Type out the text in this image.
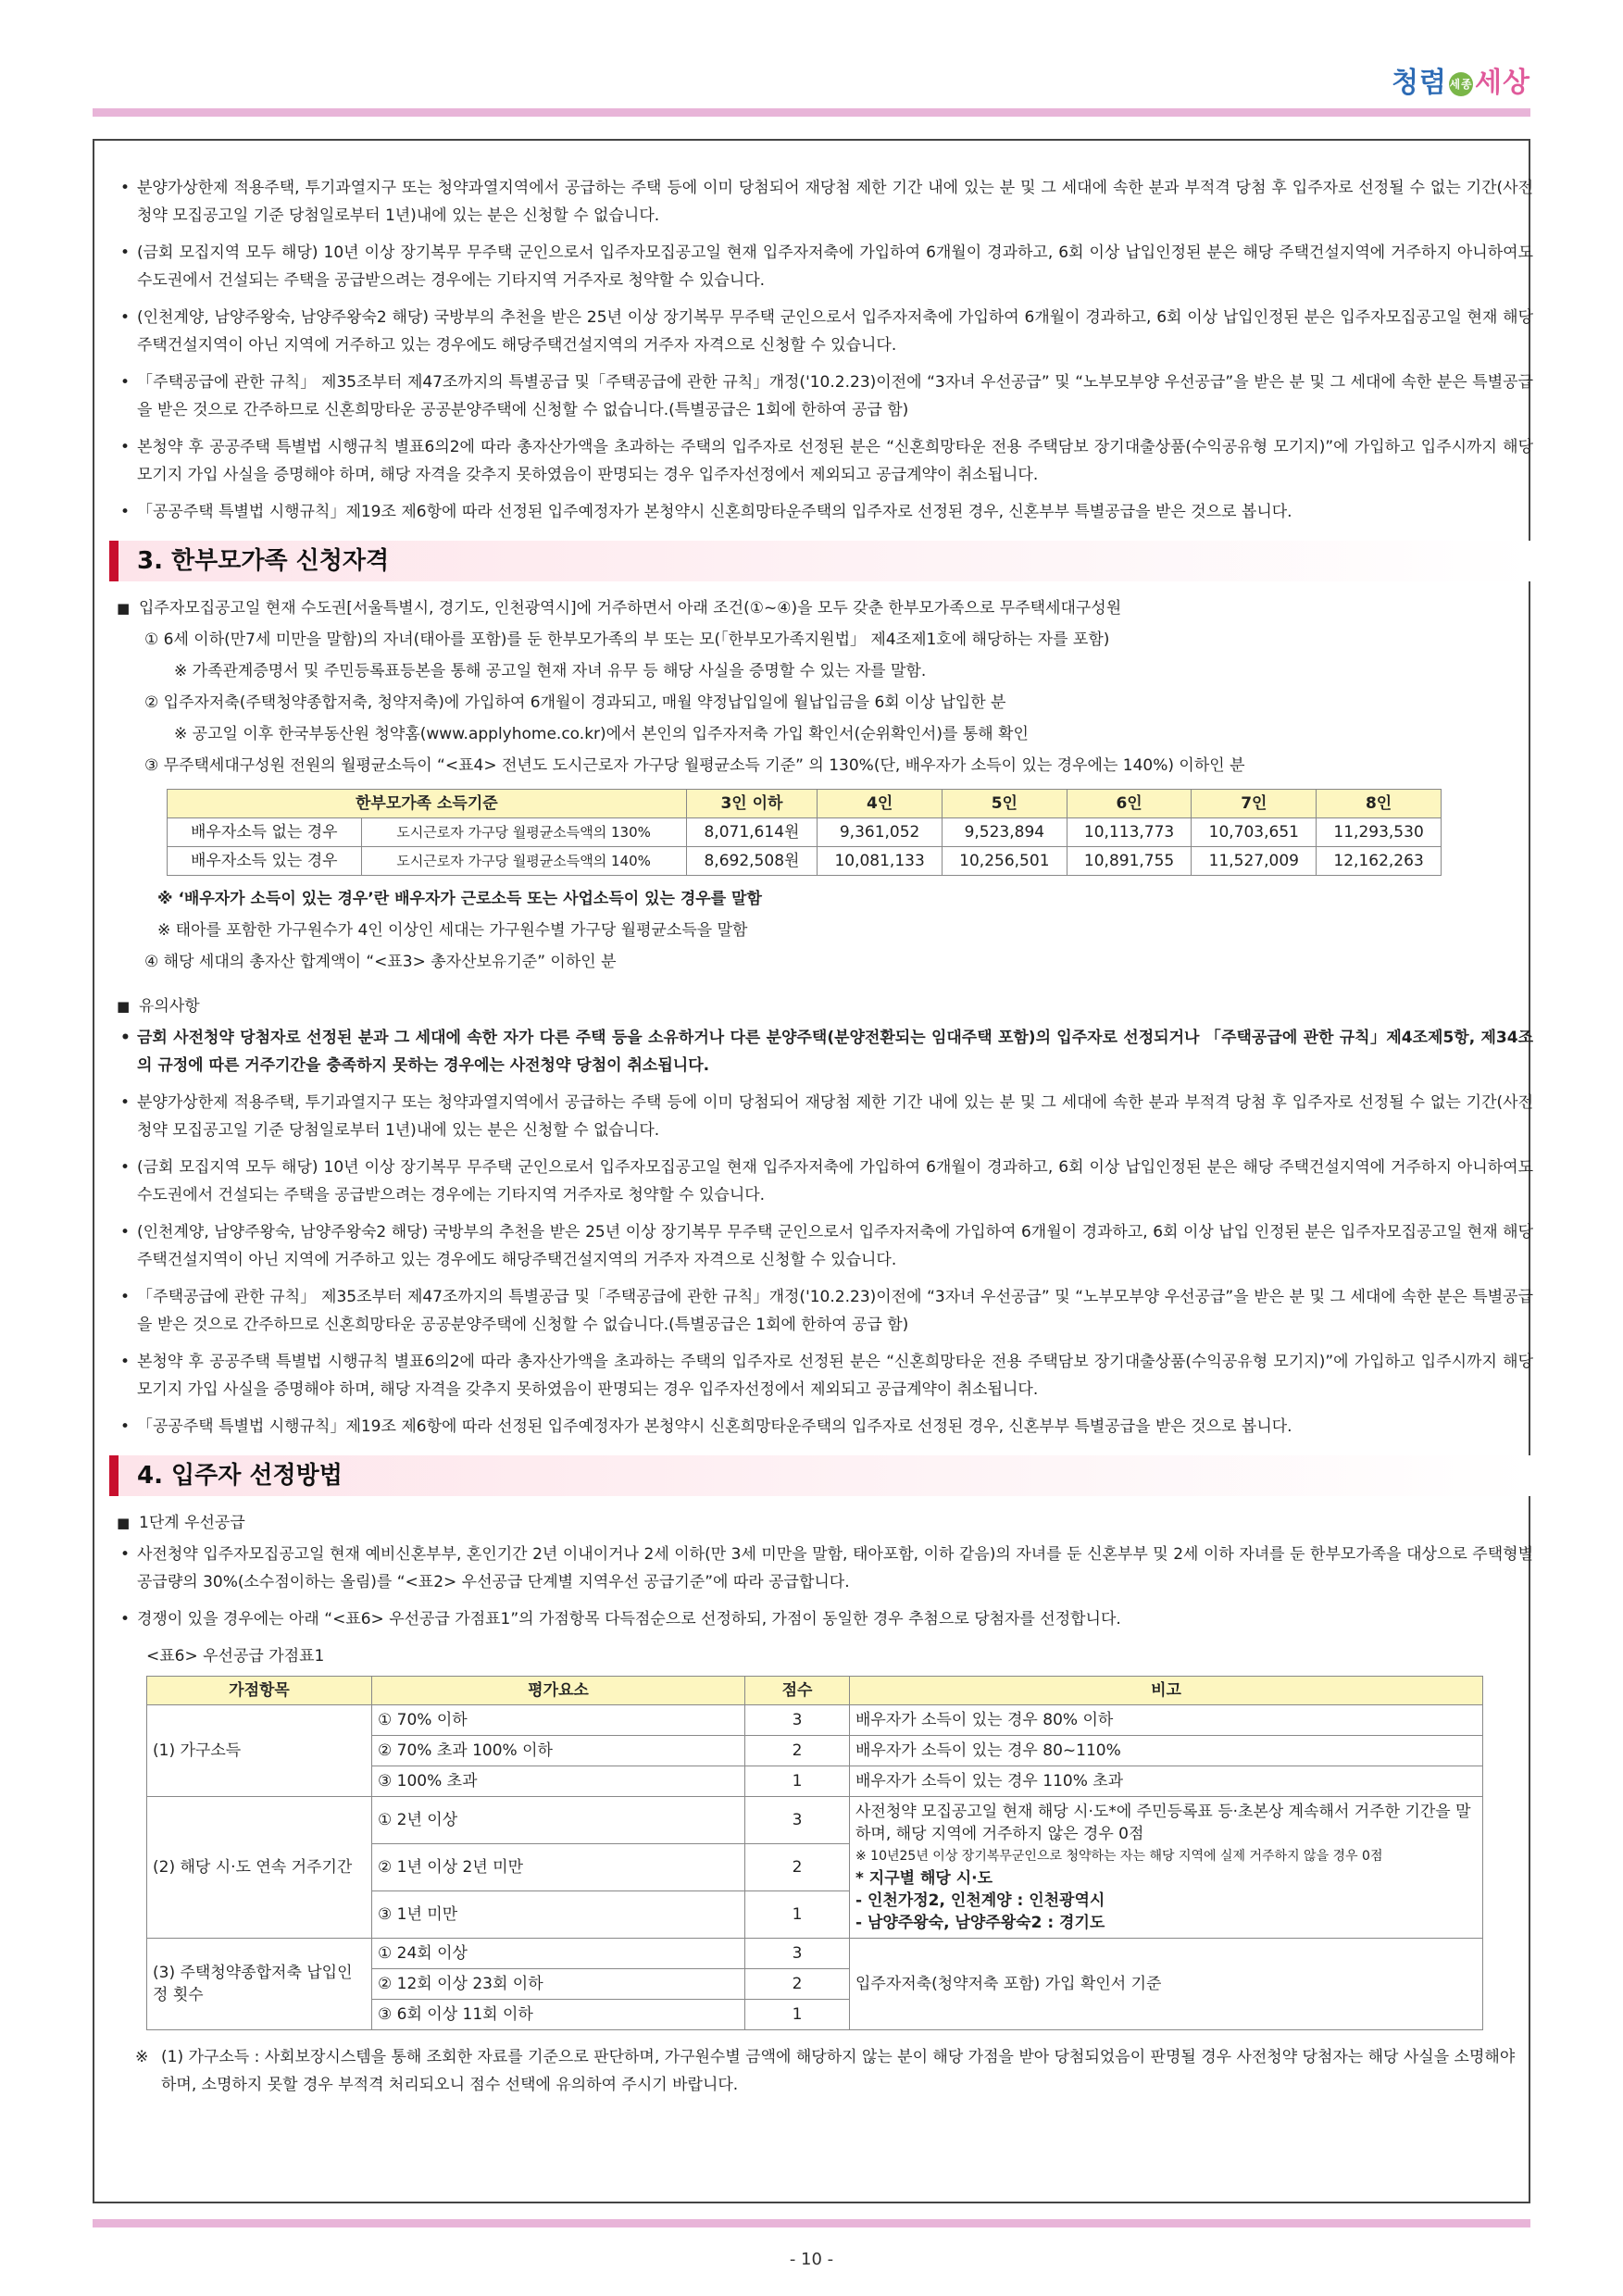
청렴 세종세상
• 분양가상한제 적용주택, 투기과열지구 또는 청약과열지역에서 공급하는 주택 등에 이미 당첨되어 재당첨 제한 기간 내에 있는 분 및 그 세대에 속한 분과 부적격 당첨 후 입주자로 선정될 수 없는 기간(사전청약 모집공고일 기준 당첨일로부터 1년)내에 있는 분은 신청할 수 없습니다.
• (금회 모집지역 모두 해당) 10년 이상 장기복무 무주택 군인으로서 입주자모집공고일 현재 입주자저축에 가입하여 6개월이 경과하고, 6회 이상 납입인정된 분은 해당 주택건설지역에 거주하지 아니하여도 수도권에서 건설되는 주택을 공급받으려는 경우에는 기타지역 거주자로 청약할 수 있습니다.
• (인천계양, 남양주왕숙, 남양주왕숙2 해당) 국방부의 추천을 받은 25년 이상 장기복무 무주택 군인으로서 입주자저축에 가입하여 6개월이 경과하고, 6회 이상 납입인정된 분은 입주자모집공고일 현재 해당주택건설지역이 아닌 지역에 거주하고 있는 경우에도 해당주택건설지역의 거주자 자격으로 신청할 수 있습니다.
• 「주택공급에 관한 규칙」 제35조부터 제47조까지의 특별공급 및「주택공급에 관한 규칙」개정('10.2.23)이전에 “3자녀 우선공급” 및 “노부모부양 우선공급”을 받은 분 및 그 세대에 속한 분은 특별공급을 받은 것으로 간주하므로 신혼희망타운 공공분양주택에 신청할 수 없습니다.(특별공급은 1회에 한하여 공급 함)
• 본청약 후 공공주택 특별법 시행규칙 별표6의2에 따라 총자산가액을 초과하는 주택의 입주자로 선정된 분은 “신혼희망타운 전용 주택담보 장기대출상품(수익공유형 모기지)”에 가입하고 입주시까지 해당 모기지 가입 사실을 증명해야 하며, 해당 자격을 갖추지 못하였음이 판명되는 경우 입주자선정에서 제외되고 공급계약이 취소됩니다.
• 「공공주택 특별법 시행규칙」제19조 제6항에 따라 선정된 입주예정자가 본청약시 신혼희망타운주택의 입주자로 선정된 경우, 신혼부부 특별공급을 받은 것으로 봅니다.
3. 한부모가족 신청자격
■ 입주자모집공고일 현재 수도권[서울특별시, 경기도, 인천광역시]에 거주하면서 아래 조건(①~④)을 모두 갖춘 한부모가족으로 무주택세대구성원
① 6세 이하(만7세 미만을 말함)의 자녀(태아를 포함)를 둔 한부모가족의 부 또는 모(「한부모가족지원법」 제4조제1호에 해당하는 자를 포함)
※ 가족관계증명서 및 주민등록표등본을 통해 공고일 현재 자녀 유무 등 해당 사실을 증명할 수 있는 자를 말함.
② 입주자저축(주택청약종합저축, 청약저축)에 가입하여 6개월이 경과되고, 매월 약정납입일에 월납입금을 6회 이상 납입한 분
※ 공고일 이후 한국부동산원 청약홈(www.applyhome.co.kr)에서 본인의 입주자저축 가입 확인서(순위확인서)를 통해 확인
③ 무주택세대구성원 전원의 월평균소득이 “<표4> 전년도 도시근로자 가구당 월평균소득 기준” 의 130%(단, 배우자가 소득이 있는 경우에는 140%) 이하인 분
한부모가족 소득기준		3인 이하	4인	5인	6인	7인	8인
배우자소득 없는 경우	도시근로자 가구당 월평균소득액의 130%	8,071,614원	9,361,052	9,523,894	10,113,773	10,703,651	11,293,530
배우자소득 있는 경우	도시근로자 가구당 월평균소득액의 140%	8,692,508원	10,081,133	10,256,501	10,891,755	11,527,009	12,162,263
※ ‘배우자가 소득이 있는 경우’란 배우자가 근로소득 또는 사업소득이 있는 경우를 말함
※ 태아를 포함한 가구원수가 4인 이상인 세대는 가구원수별 가구당 월평균소득을 말함
④ 해당 세대의 총자산 합계액이 “<표3> 총자산보유기준” 이하인 분
■ 유의사항
• 금회 사전청약 당첨자로 선정된 분과 그 세대에 속한 자가 다른 주택 등을 소유하거나 다른 분양주택(분양전환되는 임대주택 포함)의 입주자로 선정되거나 「주택공급에 관한 규칙」제4조제5항, 제34조의 규정에 따른 거주기간을 충족하지 못하는 경우에는 사전청약 당첨이 취소됩니다.
• 분양가상한제 적용주택, 투기과열지구 또는 청약과열지역에서 공급하는 주택 등에 이미 당첨되어 재당첨 제한 기간 내에 있는 분 및 그 세대에 속한 분과 부적격 당첨 후 입주자로 선정될 수 없는 기간(사전청약 모집공고일 기준 당첨일로부터 1년)내에 있는 분은 신청할 수 없습니다.
• (금회 모집지역 모두 해당) 10년 이상 장기복무 무주택 군인으로서 입주자모집공고일 현재 입주자저축에 가입하여 6개월이 경과하고, 6회 이상 납입인정된 분은 해당 주택건설지역에 거주하지 아니하여도 수도권에서 건설되는 주택을 공급받으려는 경우에는 기타지역 거주자로 청약할 수 있습니다.
• (인천계양, 남양주왕숙, 남양주왕숙2 해당) 국방부의 추천을 받은 25년 이상 장기복무 무주택 군인으로서 입주자저축에 가입하여 6개월이 경과하고, 6회 이상 납입 인정된 분은 입주자모집공고일 현재 해당주택건설지역이 아닌 지역에 거주하고 있는 경우에도 해당주택건설지역의 거주자 자격으로 신청할 수 있습니다.
• 「주택공급에 관한 규칙」 제35조부터 제47조까지의 특별공급 및「주택공급에 관한 규칙」개정('10.2.23)이전에 “3자녀 우선공급” 및 “노부모부양 우선공급”을 받은 분 및 그 세대에 속한 분은 특별공급을 받은 것으로 간주하므로 신혼희망타운 공공분양주택에 신청할 수 없습니다.(특별공급은 1회에 한하여 공급 함)
• 본청약 후 공공주택 특별법 시행규칙 별표6의2에 따라 총자산가액을 초과하는 주택의 입주자로 선정된 분은 “신혼희망타운 전용 주택담보 장기대출상품(수익공유형 모기지)”에 가입하고 입주시까지 해당 모기지 가입 사실을 증명해야 하며, 해당 자격을 갖추지 못하였음이 판명되는 경우 입주자선정에서 제외되고 공급계약이 취소됩니다.
• 「공공주택 특별법 시행규칙」제19조 제6항에 따라 선정된 입주예정자가 본청약시 신혼희망타운주택의 입주자로 선정된 경우, 신혼부부 특별공급을 받은 것으로 봅니다.
4. 입주자 선정방법
■ 1단계 우선공급
• 사전청약 입주자모집공고일 현재 예비신혼부부, 혼인기간 2년 이내이거나 2세 이하(만 3세 미만을 말함, 태아포함, 이하 같음)의 자녀를 둔 신혼부부 및 2세 이하 자녀를 둔 한부모가족을 대상으로 주택형별 공급량의 30%(소수점이하는 올림)를 “<표2> 우선공급 단계별 지역우선 공급기준”에 따라 공급합니다.
• 경쟁이 있을 경우에는 아래 “<표6> 우선공급 가점표1”의 가점항목 다득점순으로 선정하되, 가점이 동일한 경우 추첨으로 당첨자를 선정합니다.
<표6> 우선공급 가점표1
가점항목	평가요소	점수	비고
(1) 가구소득	① 70% 이하	3	배우자가 소득이 있는 경우 80% 이하
	② 70% 초과 100% 이하	2	배우자가 소득이 있는 경우 80~110%
	③ 100% 초과	1	배우자가 소득이 있는 경우 110% 초과
(2) 해당 시·도 연속 거주기간	① 2년 이상	3	사전청약 모집공고일 현재 해당 시·도*에 주민등록표 등·초본상 계속해서 거주한 기간을 말하며, 해당 지역에 거주하지 않은 경우 0점
※ 10년25년 이상 장기복무군인으로 청약하는 자는 해당 지역에 실제 거주하지 않을 경우 0점
* 지구별 해당 시·도
- 인천가정2, 인천계양 : 인천광역시
- 남양주왕숙, 남양주왕숙2 : 경기도

	② 1년 이상 2년 미만	2	
	③ 1년 미만	1	
(3) 주택청약종합저축 납입인정 횟수	① 24회 이상	3	입주자저축(청약저축 포함) 가입 확인서 기준
	② 12회 이상 23회 이하	2	
	③ 6회 이상 11회 이하	1	
※ (1) 가구소득 : 사회보장시스템을 통해 조회한 자료를 기준으로 판단하며, 가구원수별 금액에 해당하지 않는 분이 해당 가점을 받아 당첨되었음이 판명될 경우 사전청약 당첨자는 해당 사실을 소명해야 하며, 소명하지 못할 경우 부적격 처리되오니 점수 선택에 유의하여 주시기 바랍니다.
- 10 -
